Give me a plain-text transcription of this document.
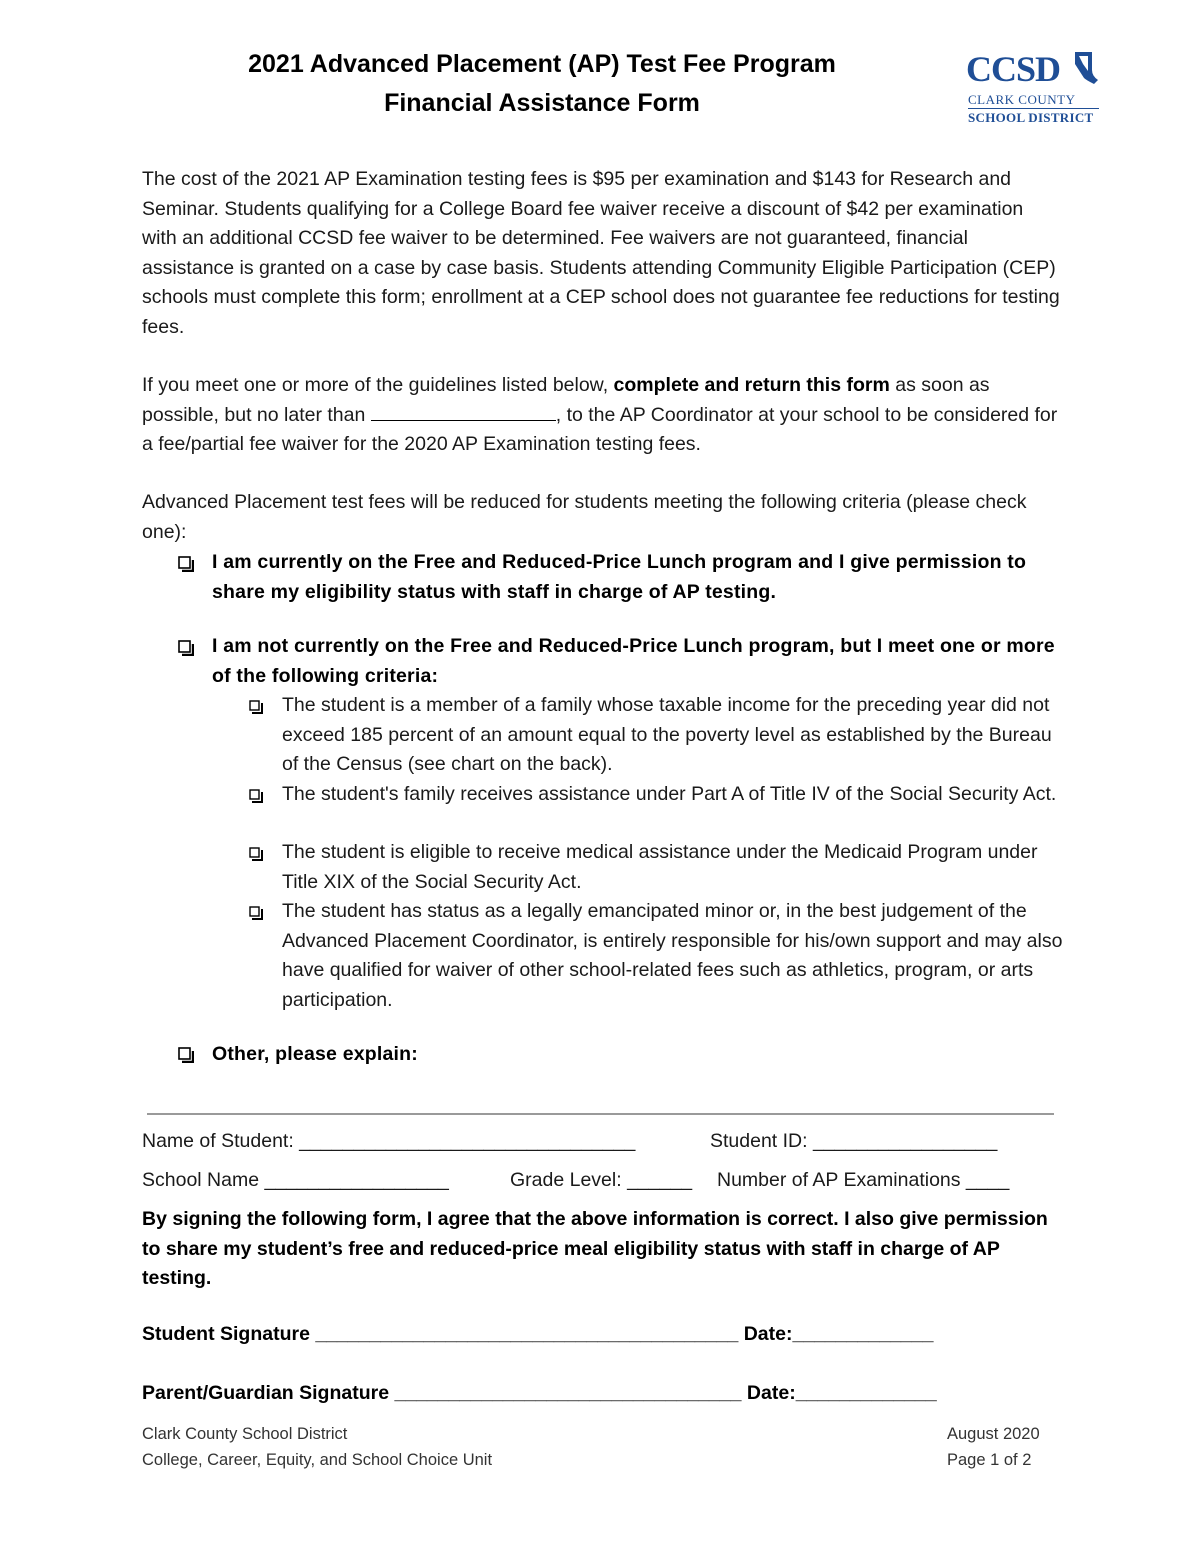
2021 Advanced Placement (AP) Test Fee Program
Financial Assistance Form
CCSD
CLARK COUNTY
SCHOOL DISTRICT
The cost of the 2021 AP Examination testing fees is $95 per examination and $143 for Research and Seminar. Students qualifying for a College Board fee waiver receive a discount of $42 per examination with an additional CCSD fee waiver to be determined. Fee waivers are not guaranteed, financial assistance is granted on a case by case basis. Students attending Community Eligible Participation (CEP) schools must complete this form; enrollment at a CEP school does not guarantee fee reductions for testing fees.
If you meet one or more of the guidelines listed below, complete and return this form as soon as possible, but no later than	, to the AP Coordinator at your school to be considered for a fee/partial fee waiver for the 2020 AP Examination testing fees.
Advanced Placement test fees will be reduced for students meeting the following criteria (please check one):
I am currently on the Free and Reduced-Price Lunch program and I give permission to share my eligibility status with staff in charge of AP testing.
I am not currently on the Free and Reduced-Price Lunch program, but I meet one or more of the following criteria:
The student is a member of a family whose taxable income for the preceding year did not exceed 185 percent of an amount equal to the poverty level as established by the Bureau of the Census (see chart on the back).
The student's family receives assistance under Part A of Title IV of the Social Security Act.
The student is eligible to receive medical assistance under the Medicaid Program under Title XIX of the Social Security Act.
The student has status as a legally emancipated minor or, in the best judgement of the Advanced Placement Coordinator, is entirely responsible for his/own support and may also have qualified for waiver of other school-related fees such as athletics, program, or arts participation.
Other, please explain:
Name of Student: _______________________________	Student ID: _________________
School Name _________________	Grade Level: ______ Number of AP Examinations ____
By signing the following form, I agree that the above information is correct. I also give permission to share my student’s free and reduced-price meal eligibility status with staff in charge of AP testing.
Student Signature _______________________________________ Date:_____________
Parent/Guardian Signature ________________________________ Date:_____________
Clark County School District
College, Career, Equity, and School Choice Unit
August 2020
Page 1 of 2
